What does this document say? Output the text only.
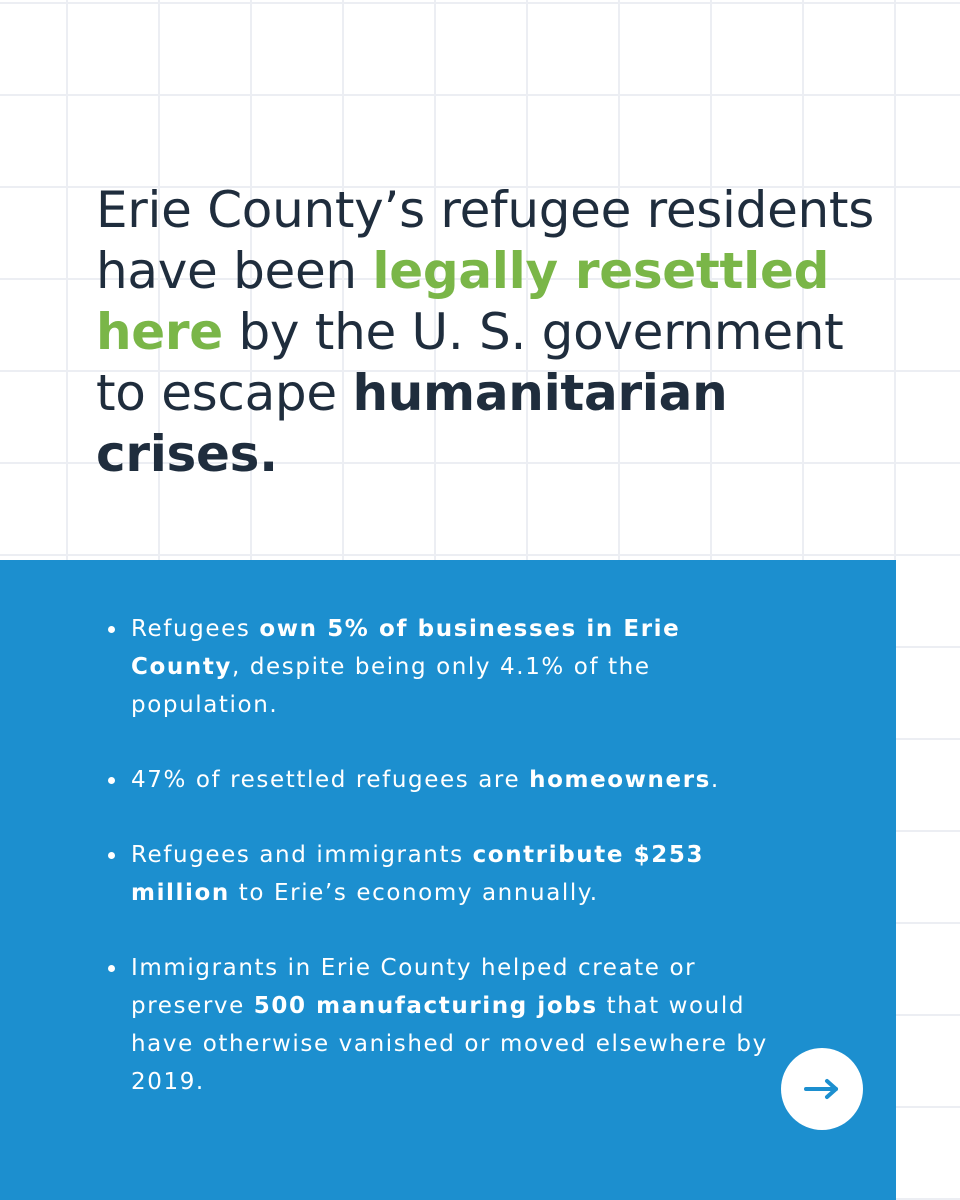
Erie County’s refugee residents have been legally resettled here by the U. S. government to escape humanitarian crises.
Refugees own 5% of businesses in Erie County, despite being only 4.1% of the population.
47% of resettled refugees are homeowners.
Refugees and immigrants contribute $253 million to Erie’s economy annually.
Immigrants in Erie County helped create or preserve 500 manufacturing jobs that would have otherwise vanished or moved elsewhere by 2019.
